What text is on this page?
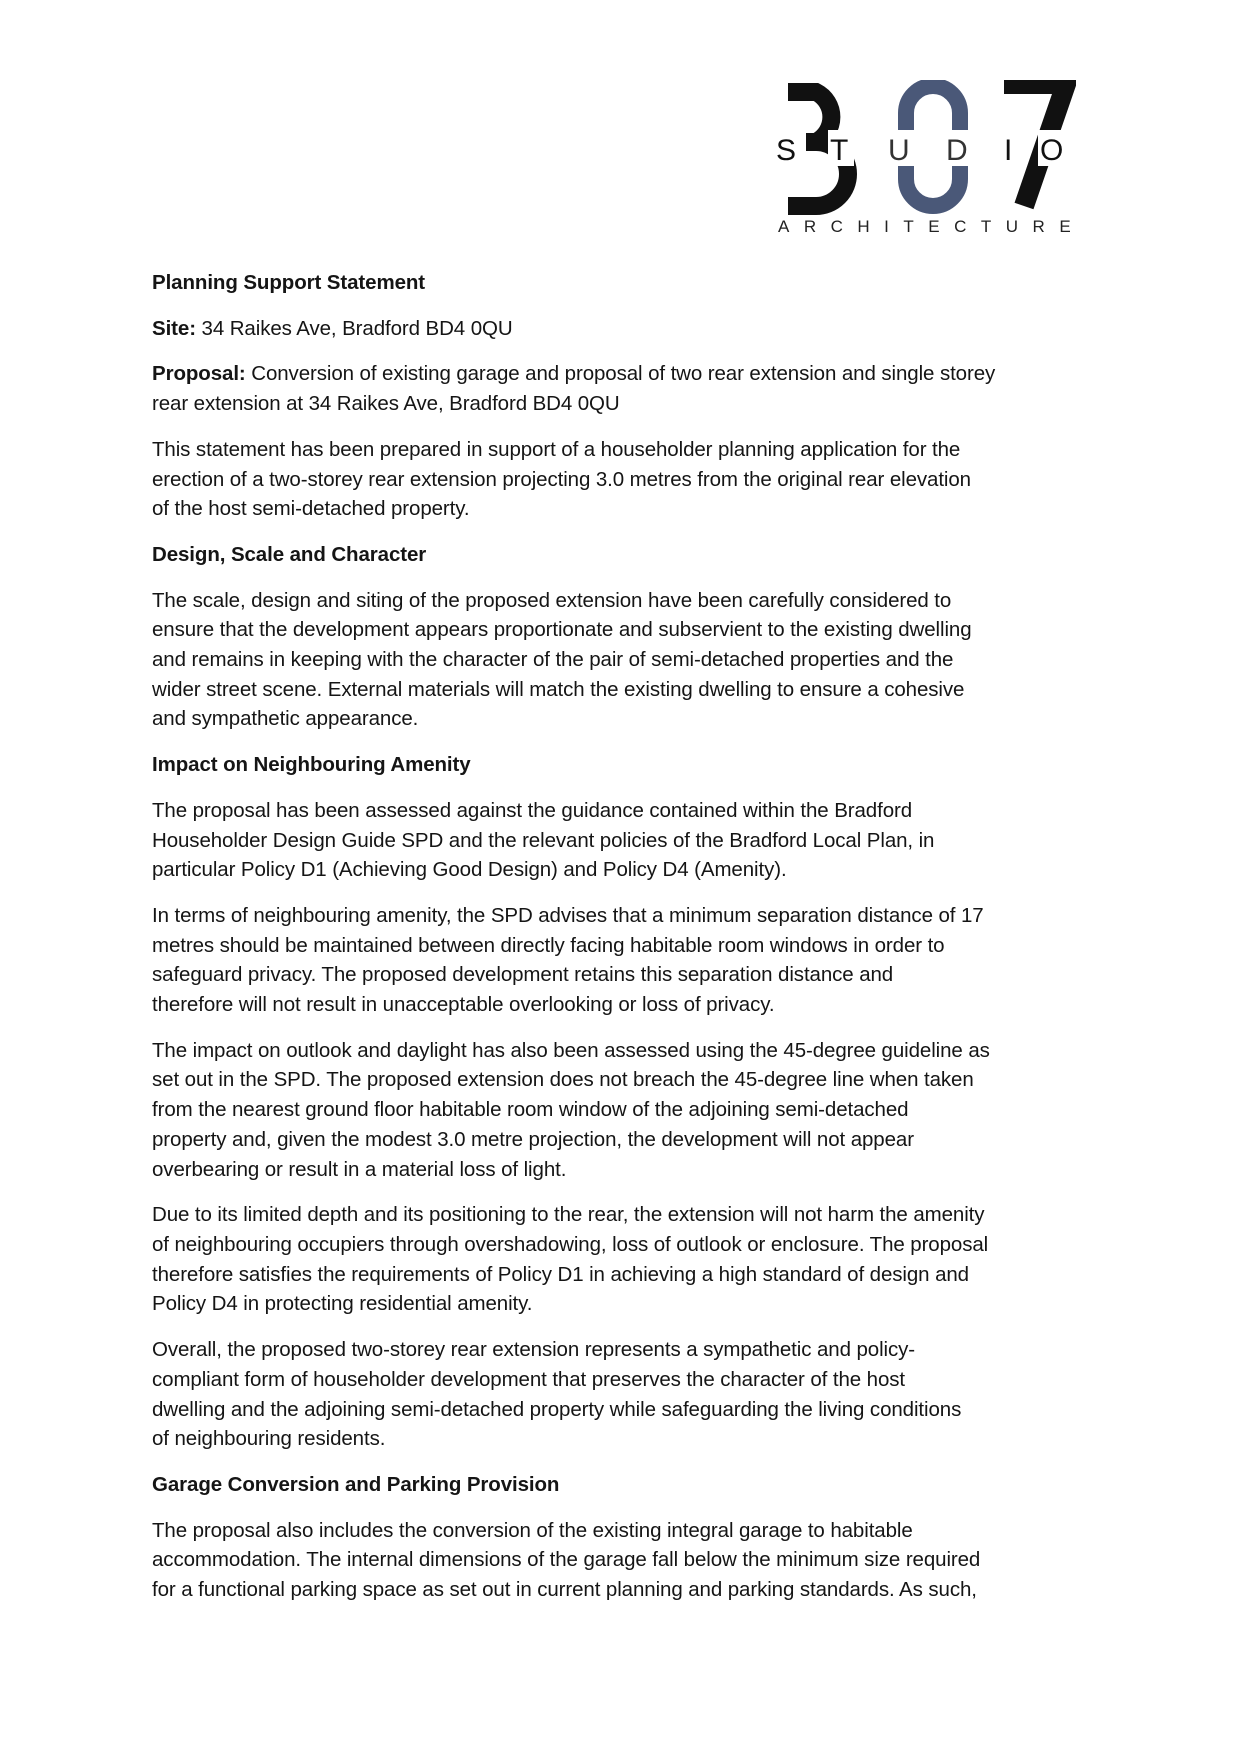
S T U D I O
ARCHITECTURE
Planning Support Statement
Site: 34 Raikes Ave, Bradford BD4 0QU
Proposal: Conversion of existing garage and proposal of two rear extension and single storey
rear extension at 34 Raikes Ave, Bradford BD4 0QU
This statement has been prepared in support of a householder planning application for the
erection of a two-storey rear extension projecting 3.0 metres from the original rear elevation
of the host semi-detached property.
Design, Scale and Character
The scale, design and siting of the proposed extension have been carefully considered to
ensure that the development appears proportionate and subservient to the existing dwelling
and remains in keeping with the character of the pair of semi-detached properties and the
wider street scene. External materials will match the existing dwelling to ensure a cohesive
and sympathetic appearance.
Impact on Neighbouring Amenity
The proposal has been assessed against the guidance contained within the Bradford
Householder Design Guide SPD and the relevant policies of the Bradford Local Plan, in
particular Policy D1 (Achieving Good Design) and Policy D4 (Amenity).
In terms of neighbouring amenity, the SPD advises that a minimum separation distance of 17
metres should be maintained between directly facing habitable room windows in order to
safeguard privacy. The proposed development retains this separation distance and
therefore will not result in unacceptable overlooking or loss of privacy.
The impact on outlook and daylight has also been assessed using the 45-degree guideline as
set out in the SPD. The proposed extension does not breach the 45-degree line when taken
from the nearest ground floor habitable room window of the adjoining semi-detached
property and, given the modest 3.0 metre projection, the development will not appear
overbearing or result in a material loss of light.
Due to its limited depth and its positioning to the rear, the extension will not harm the amenity
of neighbouring occupiers through overshadowing, loss of outlook or enclosure. The proposal
therefore satisfies the requirements of Policy D1 in achieving a high standard of design and
Policy D4 in protecting residential amenity.
Overall, the proposed two-storey rear extension represents a sympathetic and policy-
compliant form of householder development that preserves the character of the host
dwelling and the adjoining semi-detached property while safeguarding the living conditions
of neighbouring residents.
Garage Conversion and Parking Provision
The proposal also includes the conversion of the existing integral garage to habitable
accommodation. The internal dimensions of the garage fall below the minimum size required
for a functional parking space as set out in current planning and parking standards. As such,
